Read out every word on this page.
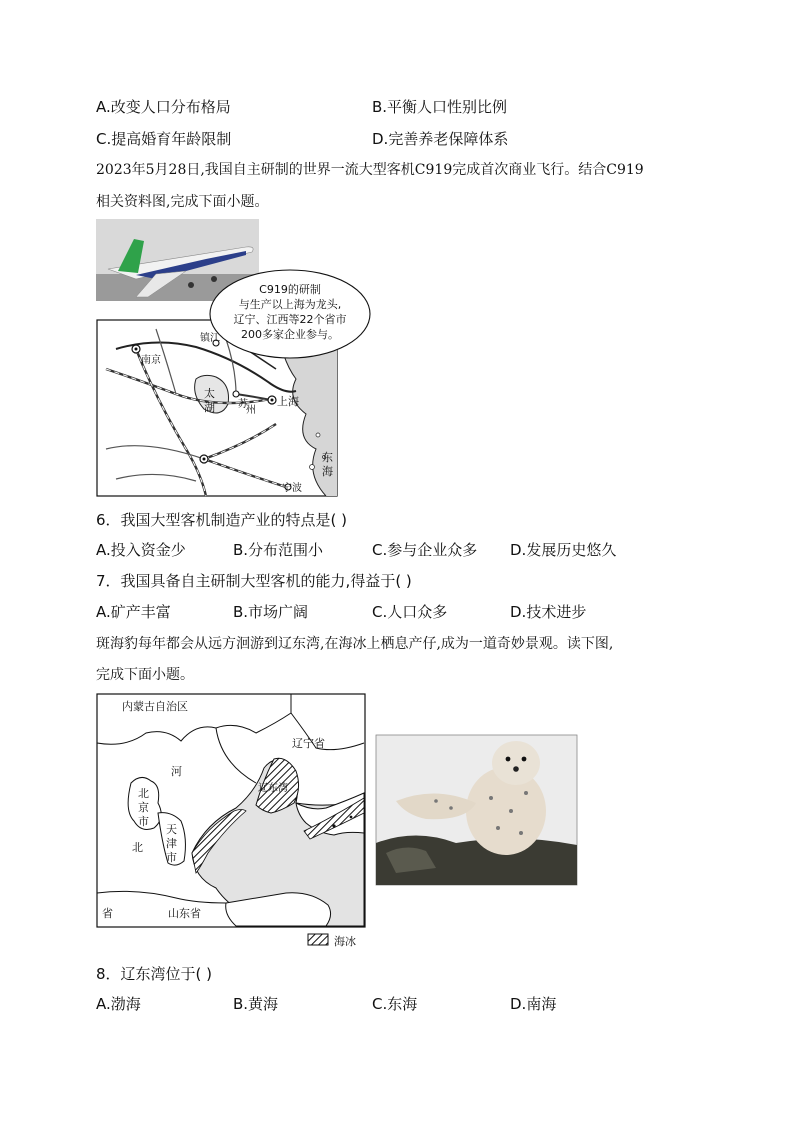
A.改变人口分布格局	B.平衡人口性别比例
C.提高婚育年龄限制	D.完善养老保障体系
2023年5月28日,我国自主研制的世界一流大型客机C919完成首次商业飞行。结合C919
相关资料图,完成下面小题。
南京
镇江
太
湖 苏
州
上海
东
海
宁波
C919的研制
与生产以上海为龙头,
辽宁、江西等22个省市
200多家企业参与。
6．我国大型客机制造产业的特点是( )
A.投入资金少	B.分布范围小	C.参与企业众多 D.发展历史悠久
7．我国具备自主研制大型客机的能力,得益于( )
A.矿产丰富	B.市场广阔	C.人口众多	D.技术进步
斑海豹每年都会从远方洄游到辽东湾,在海冰上栖息产仔,成为一道奇妙景观。读下图,
完成下面小题。
内蒙古自治区
辽宁省
河
北
京
市
天
津
市
北
省	山东省
辽东湾
海冰
8．辽东湾位于( )
A.渤海	B.黄海	C.东海	D.南海
